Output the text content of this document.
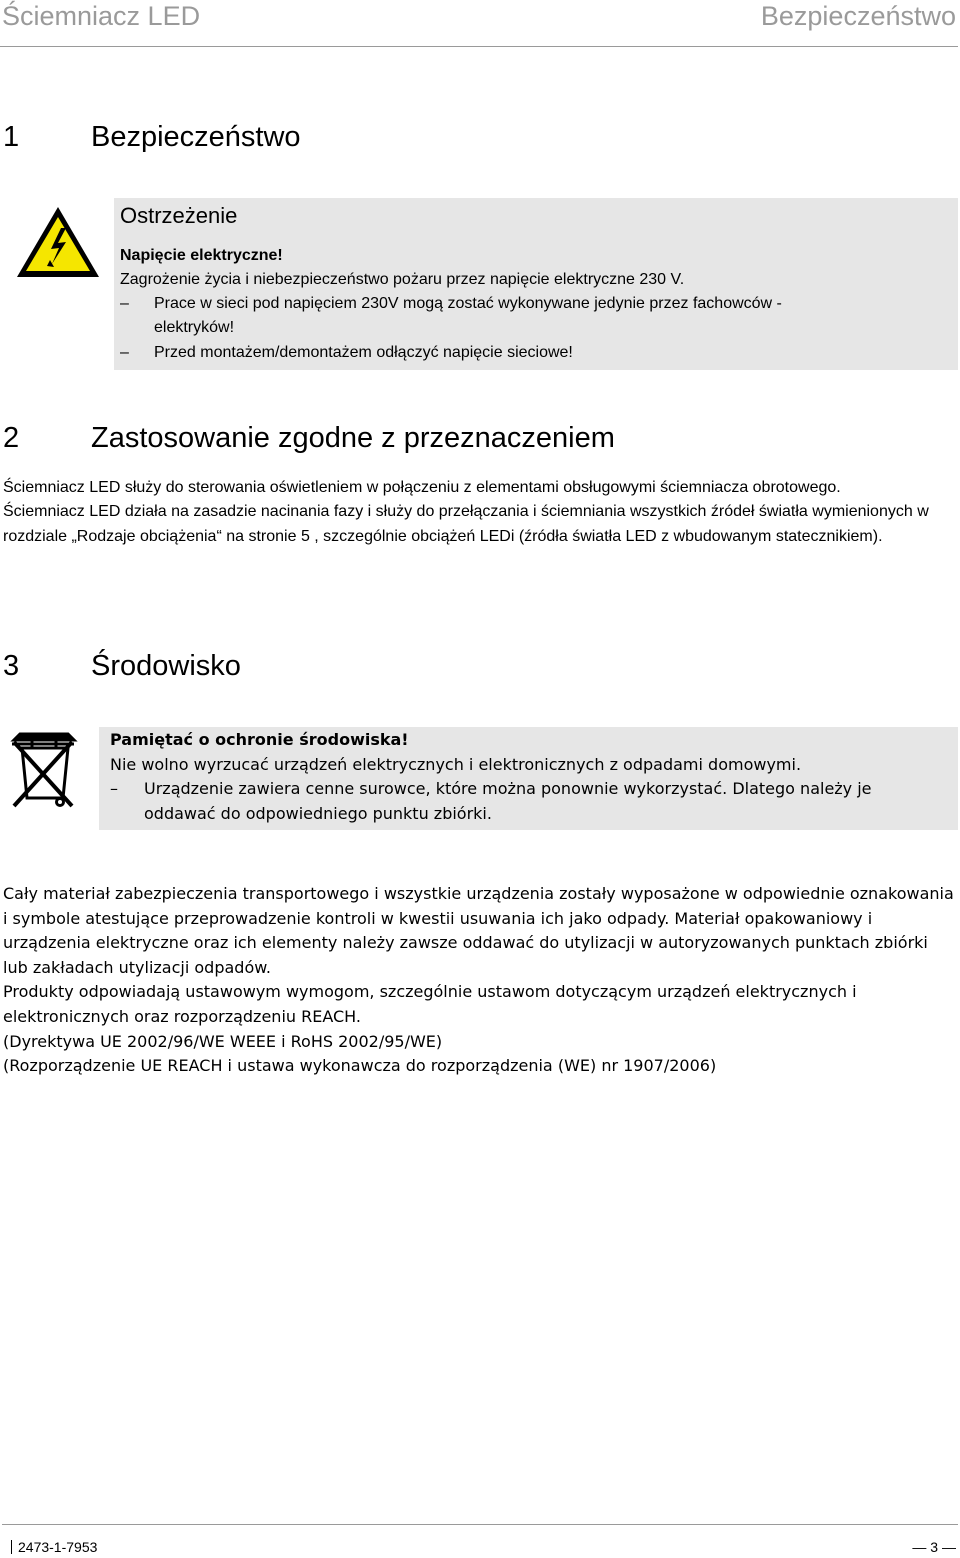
Ściemniacz LED	Bezpieczeństwo
1 Bezpieczeństwo
Ostrzeżenie
Napięcie elektryczne!
Zagrożenie życia i niebezpieczeństwo pożaru przez napięcie elektryczne 230 V.
– Prace w sieci pod napięciem 230V mogą zostać wykonywane jedynie przez fachowców -
elektryków!
– Przed montażem/demontażem odłączyć napięcie sieciowe!
2 Zastosowanie zgodne z przeznaczeniem

Ściemniacz LED służy do sterowania oświetleniem w połączeniu z elementami obsługowymi ściemniacza obrotowego.

Ściemniacz LED działa na zasadzie nacinania fazy i służy do przełączania i ściemniania wszystkich źródeł światła wymienionych w rozdziale „Rodzaje obciążenia“ na stronie 5 , szczególnie obciążeń LEDi (źródła światła LED z wbudowanym statecznikiem).

3 Środowisko
Pamiętać o ochronie środowiska!
Nie wolno wyrzucać urządzeń elektrycznych i elektronicznych z odpadami domowymi.
– Urządzenie zawiera cenne surowce, które można ponownie wykorzystać. Dlatego należy je
oddawać do odpowiedniego punktu zbiórki.

Cały materiał zabezpieczenia transportowego i wszystkie urządzenia zostały wyposażone w odpowiednie oznakowania i symbole atestujące przeprowadzenie kontroli w kwestii usuwania ich jako odpady. Materiał opakowaniowy i urządzenia elektryczne oraz ich elementy należy zawsze oddawać do utylizacji w autoryzowanych punktach zbiórki lub zakładach utylizacji odpadów.

Produkty odpowiadają ustawowym wymogom, szczególnie ustawom dotyczącym urządzeń elektrycznych i elektronicznych oraz rozporządzeniu REACH.

(Dyrektywa UE 2002/96/WE WEEE i RoHS 2002/95/WE)

(Rozporządzenie UE REACH i ustawa wykonawcza do rozporządzenia (WE) nr 1907/2006)

2473-1-7953	— 3 —
